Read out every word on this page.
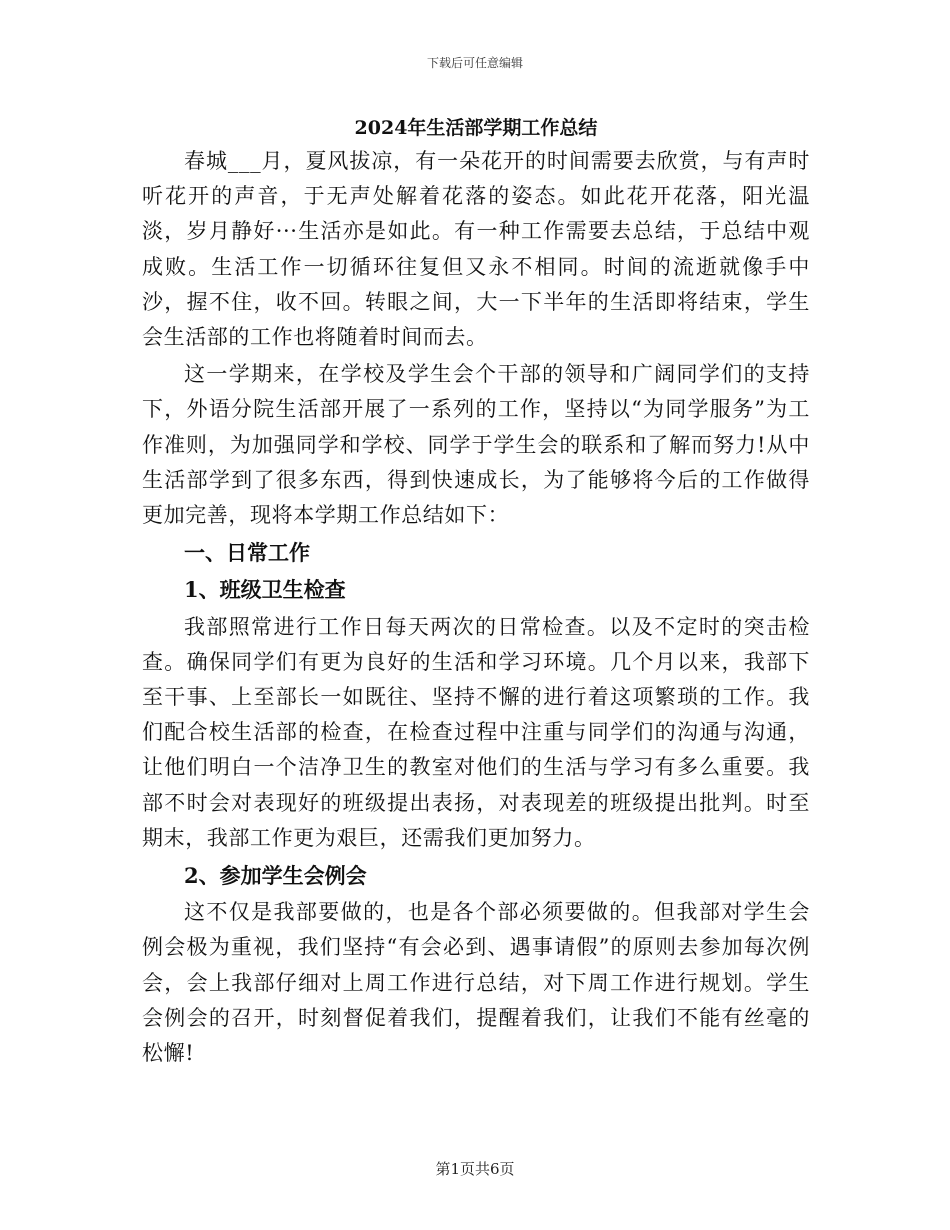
下载后可任意编辑
2024年生活部学期工作总结

春城___月，夏风拔凉，有一朵花开的时间需要去欣赏，与有声时听花开的声音，于无声处解着花落的姿态。如此花开花落，阳光温淡，岁月静好···生活亦是如此。有一种工作需要去总结，于总结中观成败。生活工作一切循环往复但又永不相同。时间的流逝就像手中沙，握不住，收不回。转眼之间，大一下半年的生活即将结束，学生会生活部的工作也将随着时间而去。

这一学期来，在学校及学生会个干部的领导和广阔同学们的支持下，外语分院生活部开展了一系列的工作，坚持以“为同学服务”为工作准则，为加强同学和学校、同学于学生会的联系和了解而努力!从中生活部学到了很多东西，得到快速成长，为了能够将今后的工作做得更加完善，现将本学期工作总结如下：

一、日常工作
1、班级卫生检查

我部照常进行工作日每天两次的日常检查。以及不定时的突击检查。确保同学们有更为良好的生活和学习环境。几个月以来，我部下至干事、上至部长一如既往、坚持不懈的进行着这项繁琐的工作。我们配合校生活部的检查，在检查过程中注重与同学们的沟通与沟通，让他们明白一个洁净卫生的教室对他们的生活与学习有多么重要。我部不时会对表现好的班级提出表扬，对表现差的班级提出批判。时至期末，我部工作更为艰巨，还需我们更加努力。

2、参加学生会例会

这不仅是我部要做的，也是各个部必须要做的。但我部对学生会例会极为重视，我们坚持“有会必到、遇事请假”的原则去参加每次例会，会上我部仔细对上周工作进行总结，对下周工作进行规划。学生会例会的召开，时刻督促着我们，提醒着我们，让我们不能有丝毫的松懈!

第1页共6页
